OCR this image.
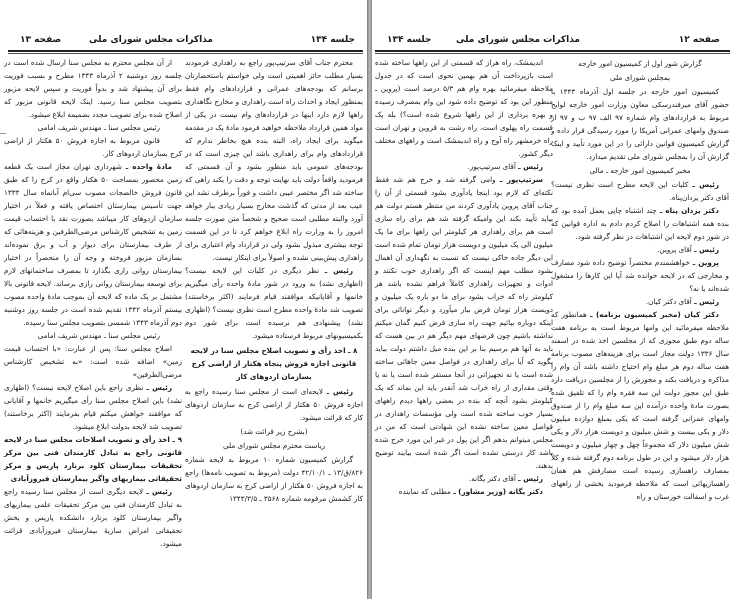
جلسه ۱۳۴
مذاکرات مجلس شورای ملی
صفحه ۱۳

محترم جناب آقای سرتیپ‌پور راجع به راهداری فرمودند بسیار مطلب حائز اهمیتی است ولی خواستم باستحضارتان برسانم که بودجه‌های عمرانی و قراردادهای وام فقط بمنظور ایجاد و احداث راه است راهداری و مخارج نگاهداری راهها لازم دارد اینها در قراردادهای وام نیست در یکی از مواد همین قرارداد ملاحظه خواهید فرمود مادهٔ یک در مقدمه میگوید برای ایجاد راه، البته بنده هیچ بخاطر ندارم که قراردادهای وام برای راهداری باشد این چیزی است که در بودجه‌های عمومی باید منظور بشود و آن قسمتی که فرمودید واقعاً دولت باید نهایت توجه و دقت را بکند راهی که ساخته شد اگر مختصر عیبی داشت و فوراً برطرف نشد این عیب بعد از مدتی که گذشت مخارج بسیار زیادی ببار خواهد آورد والبته مطلبی است صحیح و شخصاً متن صورت جلسه امروز را به وزارت راه ابلاغ خواهم کرد تا در این قسمت توجه بیشتری مبذول بشود ولی در قرارداد وام اعتباری برای راهداری پیش‌بینی نشده و اصولاً برای اینکار نیست.

رئیس ـ نظر دیگری در کلیات این لایحه نیست؟ (اظهاری نشد) به ورود در شور مادهٔ واحده رأی میگیریم خانمها و آقایانیکه موافقند قیام فرمایند (اکثر برخاستند) تصویب شد مادهٔ واحده مطرح است نظری نیست؟ (اظهاری نشد) پیشنهادی هم نرسیده است برای شور دوم بکمیسیونهای مربوط فرستاده میشود.

۸ ـ اخذ رأی و تصویب اصلاح مجلس سنا در لایحه قانونی اجازه فروش پنجاه هکتار از اراضی کرج بسازمان اردوهای کار

رئیس ـ لایحه‌ای است از مجلس سنا رسیده راجع به اجازه فروش ۵۰ هکتار از اراضی کرج به سازمان اردوهای کار که قرائت میشود.

(بشرح زیر قرائت شد)

ریاست محترم مجلس شورای ملی

گزارش کمیسیون شماره ۱۰ مربوط به لایحه شماره ۸۲۶/ق/۱۳ ـ ۴۲/۱۰/۱ دولت (مربوط به تصویب نامه‌ها) راجع به اجازه فروش ۵۰ هکتار از اراضی کرج به سازمان اردوهای کار کشمش مرقومه شماره ۳۵۶۸ ـ ۱۳۴۳/۳/۵

از آن مجلس محترم به مجلس سنا ارسال شده است در جلسه روز دوشنبه ۲ آذرماه ۱۳۴۳ مطرح و بسبب فوریت برای آن پیشنهاد شد و بدواً فوریت و سپس لایحه مزبور بتصویب مجلس سنا رسید. اینک لایحه قانونی مزبور که اصلاح شده برای تصویب مجدد بضمیمه ابلاغ میشود.

رئیس مجلس سنا ـ مهندس شریف امامی

قانون مربوط به اجازه فروش ۵۰ هکتار از اراضی کرج بسازمان اردوهای کار.

مادهٔ واحده ـ شهرداری تهران مجاز است یک قطعه زمین محصور بمساحت ۵۰ هکتار واقع در کرج را که طبق قانون فروش خالصجات مصوب سی‌ام آبانماه سال ۱۳۳۴ جهت تأسیس بیمارستان اختصاص یافته و فعلاً در اختیار سازمان اردوهای کار میباشد بصورت نقد با احتساب قیمت زمین به تشخیص کارشناس مرضی‌الطرفین و هزینه‌هائی که از طرف بیمارستان برای دیوار و آب و برق نموده‌اند بسازمان مزبور فروخته و وجه آن را منحصراً در اختیار بیمارستان روانی رازی بگذارد تا بمصرف ساختمانهای لازم برای توسعه بیمارستان روانی رازی برساند. لایحه قانونی بالا مشتمل بر یک ماده که لایحه آن بموجب مادهٔ واحده مصوب بیستم آذرماه ۱۳۴۲ تقدیم شده است در جلسه روز دوشنبه دوم آذرماه ۱۳۴۳ شمسی بتصویب مجلس سنا رسیده.

رئیس مجلس سنا ـ مهندس شریف امامی

اصلاح مجلس سنا: پس از عبارت: «با احتساب قیمت زمین» اضافه شده است: «به تشخیص کارشناس مرضی‌الطرفین»

رئیس ـ نظری راجع باین اصلاح لایحه نیست؟ (اظهاری نشد) باین اصلاح مجلس سنا رأی میگیریم خانمها و آقایانی که موافقند خواهش میکنم قیام بفرمایند (اکثر برخاستند) تصویب شد لایحه بدولت ابلاغ میشود.

۹ ـ اخذ رأی و تصویب اصلاحات مجلس سنا در لایحه قانونی راجع به تبادل کارمندان فنی بین مرکز تحقیقات بیمارستان کلود برنارد پاریس و مرکز تحقیقاتی بیماریهای واگیر بیمارستان فیروزآبادی

رئیس ـ لایحه دیگری است از مجلس سنا رسیده راجع به تبادل کارمندان فنی بین مرکز تحقیقات علمی بیماریهای واگیر بیمارستان کلود برنارد دانشکده پاریس و بخش تحقیقاتی امراض ساریهٔ بیمارستان فیروزآبادی قرائت میشود.

صفحه ۱۲
مذاکرات مجلس شورای ملی
جلسه ۱۳۴

گزارش شور اول از کمیسیون امور خارجه

بمجلس شورای ملی

کمیسیون امور خارجه در جلسه اول آذرماه ۱۳۴۳ با حضور آقای میرفندرسکی معاون وزارت امور خارجه لوایح مربوط به قراردادهای وام شماره ۹۷ الف ۹۷ ب و ۹۷ از صندوق وامهای عمرانی آمریکا را مورد رسیدگی قرار داده و گزارش کمیسیون قوانین دارائی را در این مورد تأیید و اینک گزارش آن را بمجلس شورای ملی تقدیم میدارد.

مخبر کمیسیون امور خارجه ـ مالی

رئیس ـ کلیات این لایحه مطرح است نظری نیست؟ آقای دکتر یزدان‌پناه.

دکتر یزدان پناه ـ چند اشتباه چاپی بعمل آمده بود که بنده همه اشتباهات را اصلاح کردم دادم به اداره قوانین که در شور دوم لایحه این اشتباهات در نظر گرفته شود.

رئیس ـ آقای پروین.

پروین ـ خواهشمندم مختصراً توضیح داده شود مصارف و مخارجی که در لایحه خوانده شد آیا این کارها را مشغول شده‌اند یا نه؟

رئیس ـ آقای دکتر کیان.

دکتر کیان (مخبر کمیسیون برنامه) ـ همانطور که ملاحظه میفرمائید این وامها مربوط است به برنامه هفت ساله دوم طبق مجوزی که از مجلسین اخذ شده در اسفند سال ۱۳۳۶ دولت مجاز است برای هزینه‌های مصوب برنامه هفت ساله دوم هر مبلغ وام احتیاج داشته باشد آن وام را مذاکره و دریافت بکند و مجوزش را از مجلسین دریافت دارد طبق این مجوز دولت این سه فقره وام را که تلفیق شده بصورت مادهٔ واحده درآمده این سه مبلغ وام را از صندوق وامهای عمرانی گرفته است که یکی بمبلغ دوازده میلیون دلار و یکی بیست و شش میلیون و دویست هزار دلار و یکی شش میلیون دلار که مجموعاً چهل و چهار میلیون و دویست هزار دلار میشود و این در طول برنامه دوم گرفته شده و کلاً بمصارف راهسازی رسیده است مصارفش هم همان راهسازیهائی است که ملاحظه فرمودید بخشی از راههای غرب و اسفالت خوزستان و راه

اندیمشک، راه هراز که قسمتی از این راهها ساخته شده است بازپرداخت آن هم بهمین نحوی است که در جدول ملاحظه میفرمائید بهره وام هم ۵/۳ درصد است (پروین ـ منظور این بود که توضیح داده شود این وام بمصرف رسیده و بهره برداری از این راهها شروع شده است؟) بله یک قسمت راه پهلوی است، راه رشت به قزوین و تهران است راه خرمشهر راه آوج و راه اندیمشک است و راههای مختلف دیگر کشور.

رئیس ـ آقای سرتیپ‌پور.

سرتیپ‌پور ـ وامی گرفته شد و خرج هم شد فقط نکته‌ای که لازم بود اینجا یادآوری بشود قسمتی از آن را جناب آقای پروین یادآوری کردند من منتظر هستم دولت هم بیاید تأیید بکند این وامیکه گرفته شد هم برای راه سازی است هم برای راهداری هر کیلومتر این راهها برای ما یک میلیون الی یک میلیون و دویست هزار تومان تمام شده است این دیگر جاده خاکی نیست که نسبت به نگهداری آن اهمال بشود مطلب مهم اینست که اگر راهداری خوب نکنند و ادوات و تجهیزات راهداری کاملاً فراهم نشده باشد هر کیلومتر راه که خراب بشود برای ما دو باره یک میلیون و دویست هزار تومان قرض ببار میآورد و دیگر توانائی برای اینکه دوباره بیائیم جهت راه سازی قرض کنیم گمان میکنم نداشته باشیم چون قرضهای مهم دیگر هم در بین هست که باید به آنها هم برسیم بنا بر این بنده میل داشتم دولت بیاید بگوید که آیا برای راهداری در فواصل معین جاهائی ساخته شده است یا نه تجهیزاتی در آنجا مستقر شده است یا نه یا وقتی مقداری از راه خراب شد آنقدر باید این بماند که یک کیلومتر بشود آنچه که بنده در بعضی راهها دیدم راههای بسیار خوب ساخته شده است ولی مؤسسات راهداری در فواصل معین ساخته نشده این شهادتی است که من در مجلس میتوانم بدهم اگر این پول در غیر این مورد خرج شده باشد کار درستی نشده است اگر شده است بیایند توضیح بدهند.

رئیس ـ آقای دکتر یگانه.

دکتر یگانه (وزیر مشاور) ـ مطلبی که نماینده
